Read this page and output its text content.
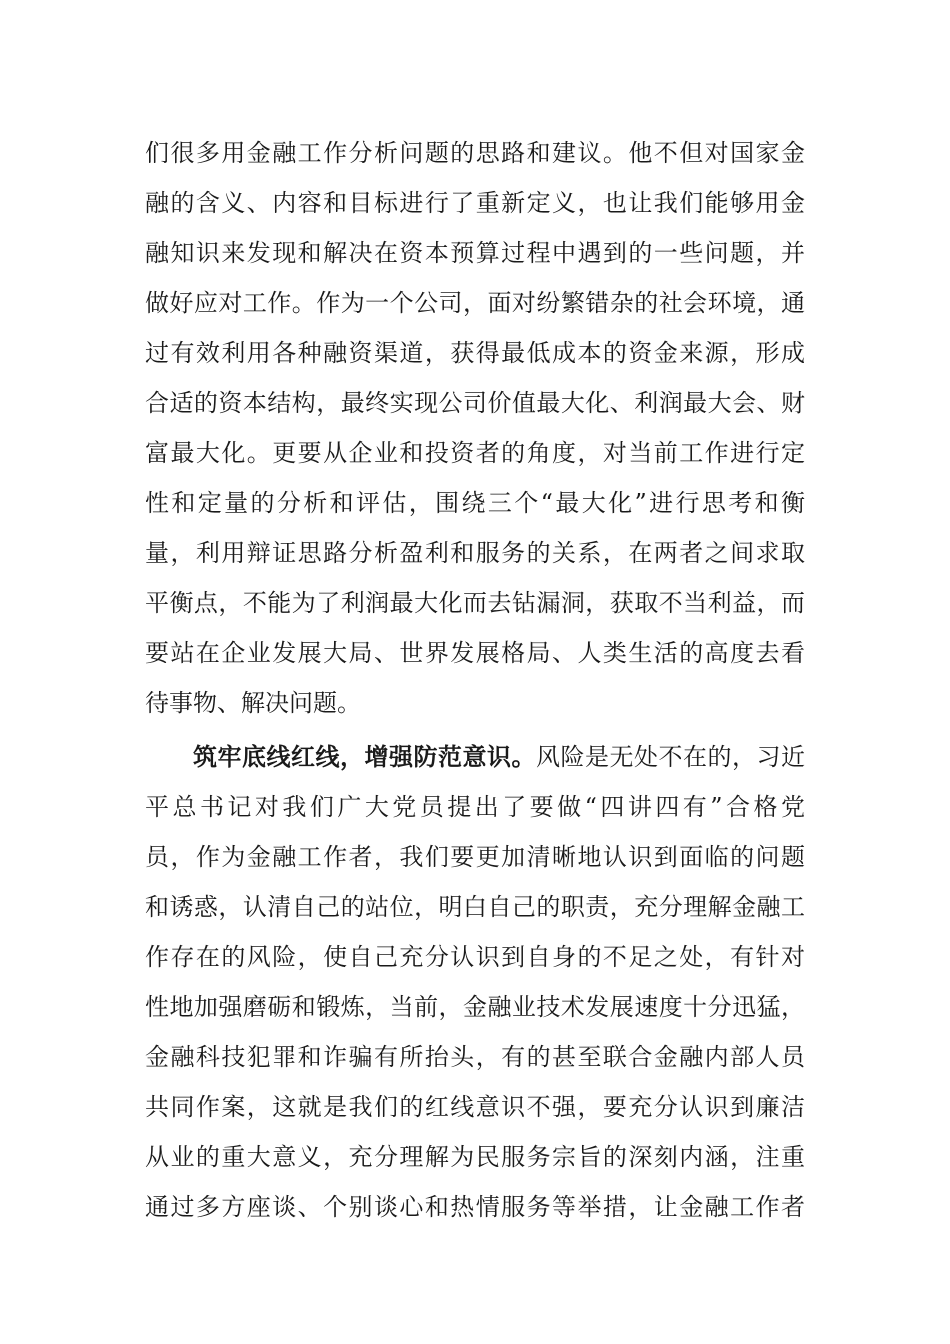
们很多用金融工作分析问题的思路和建议。他不但对国家金
融的含义、内容和目标进行了重新定义，也让我们能够用金
融知识来发现和解决在资本预算过程中遇到的一些问题，并
做好应对工作。作为一个公司，面对纷繁错杂的社会环境，通
过有效利用各种融资渠道，获得最低成本的资金来源，形成
合适的资本结构，最终实现公司价值最大化、利润最大会、财
富最大化。更要从企业和投资者的角度，对当前工作进行定
性和定量的分析和评估，围绕三个“最大化”进行思考和衡
量，利用辩证思路分析盈利和服务的关系，在两者之间求取
平衡点，不能为了利润最大化而去钻漏洞，获取不当利益，而
要站在企业发展大局、世界发展格局、人类生活的高度去看
待事物、解决问题。
筑牢底线红线，增强防范意识。风险是无处不在的，习近
平总书记对我们广大党员提出了要做“四讲四有”合格党
员，作为金融工作者，我们要更加清晰地认识到面临的问题
和诱惑，认清自己的站位，明白自己的职责，充分理解金融工
作存在的风险，使自己充分认识到自身的不足之处，有针对
性地加强磨砺和锻炼，当前，金融业技术发展速度十分迅猛，
金融科技犯罪和诈骗有所抬头，有的甚至联合金融内部人员
共同作案，这就是我们的红线意识不强，要充分认识到廉洁
从业的重大意义，充分理解为民服务宗旨的深刻内涵，注重
通过多方座谈、个别谈心和热情服务等举措，让金融工作者
